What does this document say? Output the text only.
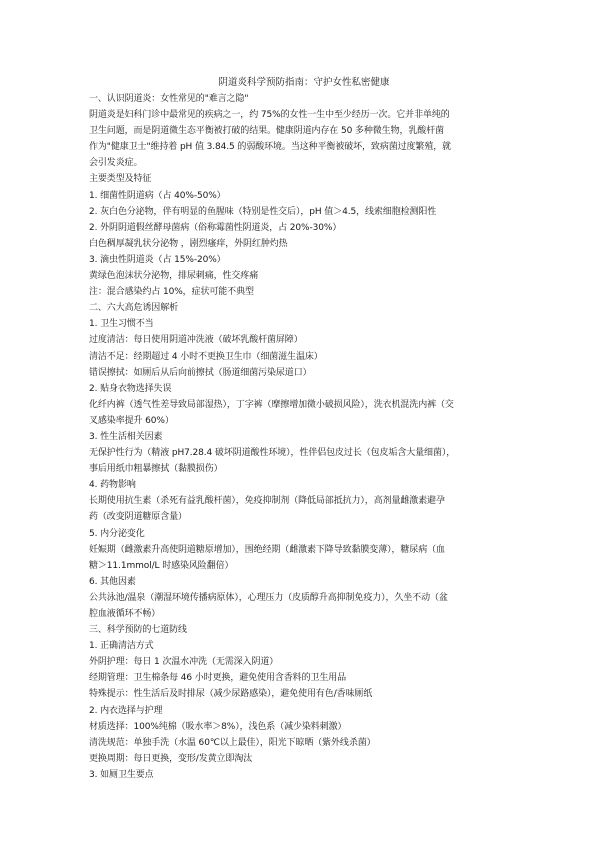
阴道炎科学预防指南：守护女性私密健康

一、认识阴道炎：女性常见的"难言之隐"

阴道炎是妇科门诊中最常见的疾病之一，约 75%的女性一生中至少经历一次。它并非单纯的

卫生问题，而是阴道微生态平衡被打破的结果。健康阴道内存在 50 多种微生物，乳酸杆菌

作为"健康卫士"维持着 pH 值 3.84.5 的弱酸环境。当这种平衡被破坏，致病菌过度繁殖，就

会引发炎症。

主要类型及特征

1. 细菌性阴道病（占 40%-50%）

2. 灰白色分泌物，伴有明显的鱼腥味（特别是性交后），pH 值＞4.5，线索细胞检测阳性

2. 外阴阴道假丝酵母菌病（俗称霉菌性阴道炎，占 20%-30%）

白色稠厚凝乳状分泌物 ，剧烈瘙痒，外阴红肿灼热

3. 滴虫性阴道炎（占 15%-20%）

黄绿色泡沫状分泌物，排尿刺痛，性交疼痛

注：混合感染约占 10%，症状可能不典型

二、六大高危诱因解析

1. 卫生习惯不当

过度清洁：每日使用阴道冲洗液（破坏乳酸杆菌屏障）

清洁不足：经期超过 4 小时不更换卫生巾（细菌滋生温床）

错误擦拭：如厕后从后向前擦拭（肠道细菌污染尿道口）

2. 贴身衣物选择失误

化纤内裤（透气性差导致局部湿热），丁字裤（摩擦增加微小破损风险），洗衣机混洗内裤（交

叉感染率提升 60%）

3. 性生活相关因素

无保护性行为（精液 pH7.28.4 破坏阴道酸性环境），性伴侣包皮过长（包皮垢含大量细菌），

事后用纸巾粗暴擦拭（黏膜损伤）

4. 药物影响

长期使用抗生素（杀死有益乳酸杆菌），免疫抑制剂（降低局部抵抗力），高剂量雌激素避孕

药（改变阴道糖原含量）

5. 内分泌变化

妊娠期（雌激素升高使阴道糖原增加），围绝经期（雌激素下降导致黏膜变薄），糖尿病（血

糖＞11.1mmol/L 时感染风险翻倍）

6. 其他因素

公共泳池/温泉（潮湿环境传播病原体），心理压力（皮质醇升高抑制免疫力），久坐不动（盆

腔血液循环不畅）

三、科学预防的七道防线

1. 正确清洁方式

外阴护理：每日 1 次温水冲洗（无需深入阴道）

经期管理：卫生棉条每 46 小时更换，避免使用含香料的卫生用品

特殊提示：性生活后及时排尿（减少尿路感染），避免使用有色/香味厕纸

2. 内衣选择与护理

材质选择：100%纯棉（吸水率＞8%），浅色系（减少染料刺激）

清洗规范：单独手洗（水温 60℃以上最佳），阳光下晾晒（紫外线杀菌）

更换周期：每日更换，变形/发黄立即淘汰

3. 如厕卫生要点
